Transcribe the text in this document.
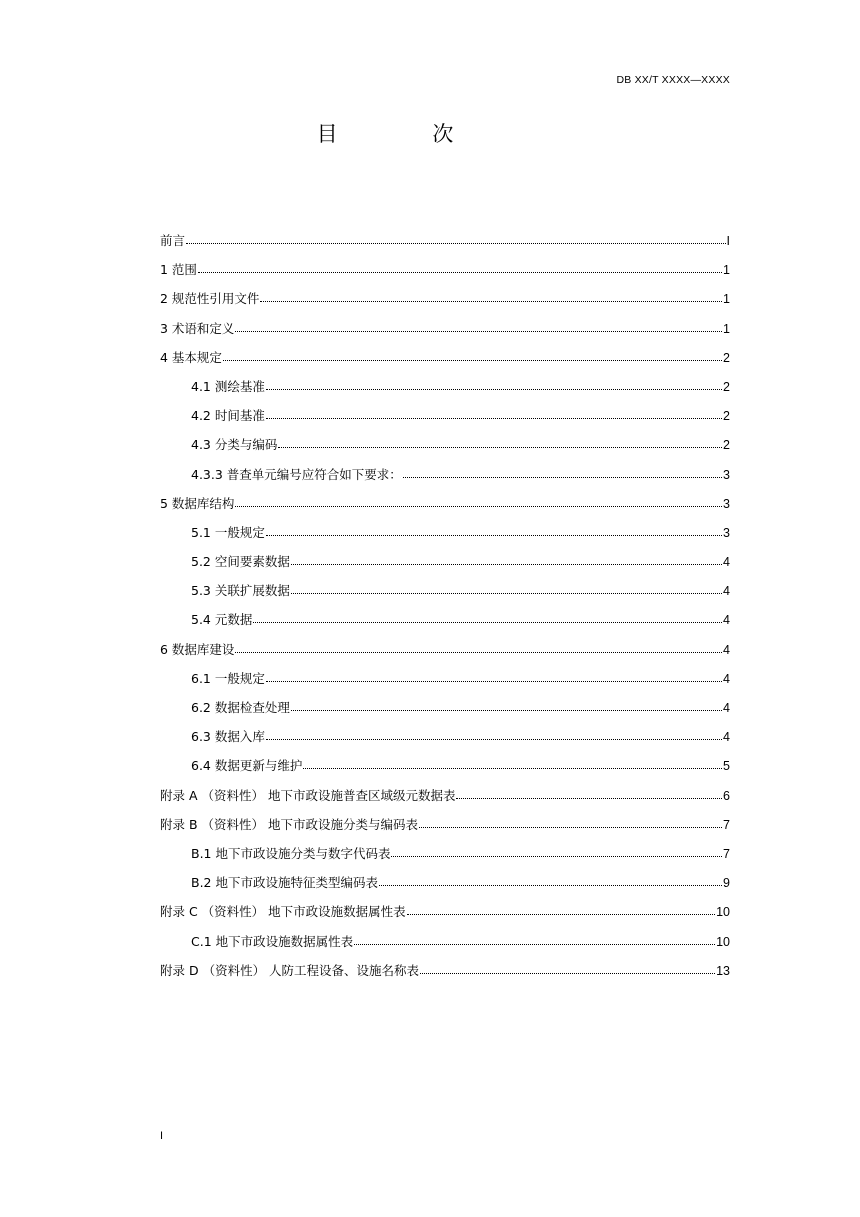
DB XX/T XXXX—XXXX
目 次
前言	I
1 范围	1
2 规范性引用文件	1
3 术语和定义	1
4 基本规定	2
4.1 测绘基准	2
4.2 时间基准	2
4.3 分类与编码	2
4.3.3 普查单元编号应符合如下要求：	3
5 数据库结构	3
5.1 一般规定	3
5.2 空间要素数据	4
5.3 关联扩展数据	4
5.4 元数据	4
6 数据库建设	4
6.1 一般规定	4
6.2 数据检查处理	4
6.3 数据入库	4
6.4 数据更新与维护	5
附录 A （资料性） 地下市政设施普查区域级元数据表	6
附录 B （资料性） 地下市政设施分类与编码表	7
B.1 地下市政设施分类与数字代码表	7
B.2 地下市政设施特征类型编码表	9
附录 C （资料性） 地下市政设施数据属性表	10
C.1 地下市政设施数据属性表	10
附录 D （资料性） 人防工程设备、设施名称表	13
I
